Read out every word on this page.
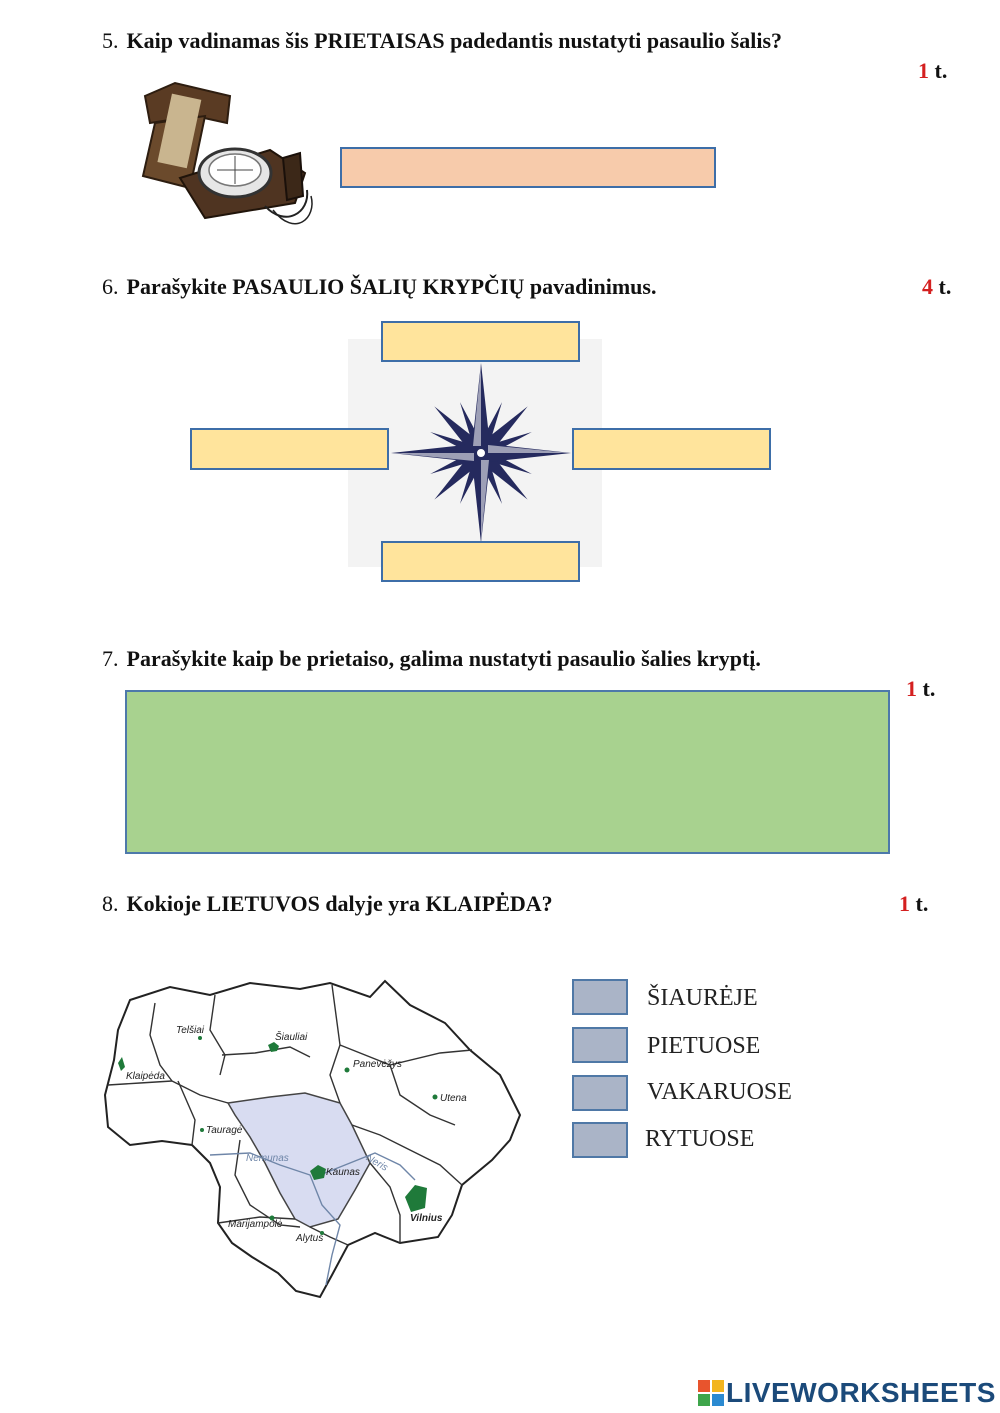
5. Kaip vadinamas šis PRIETAISAS padedantis nustatyti pasaulio šalis?
1 t.
6. Parašykite PASAULIO ŠALIŲ KRYPČIŲ pavadinimus.	4 t.
7. Parašykite kaip be prietaiso, galima nustatyti pasaulio šalies kryptį.
1 t.
8. Kokioje LIETUVOS dalyje yra KLAIPĖDA?	1 t.
Telšiai
Šiauliai
Panevėžys
Klaipėda
Utena
Tauragė
Kaunas
Vilnius
Marijampolė
Alytus
Nemunas	Neris
ŠIAURĖJE
PIETUOSE
VAKARUOSE
RYTUOSE
LIVEWORKSHEETS
